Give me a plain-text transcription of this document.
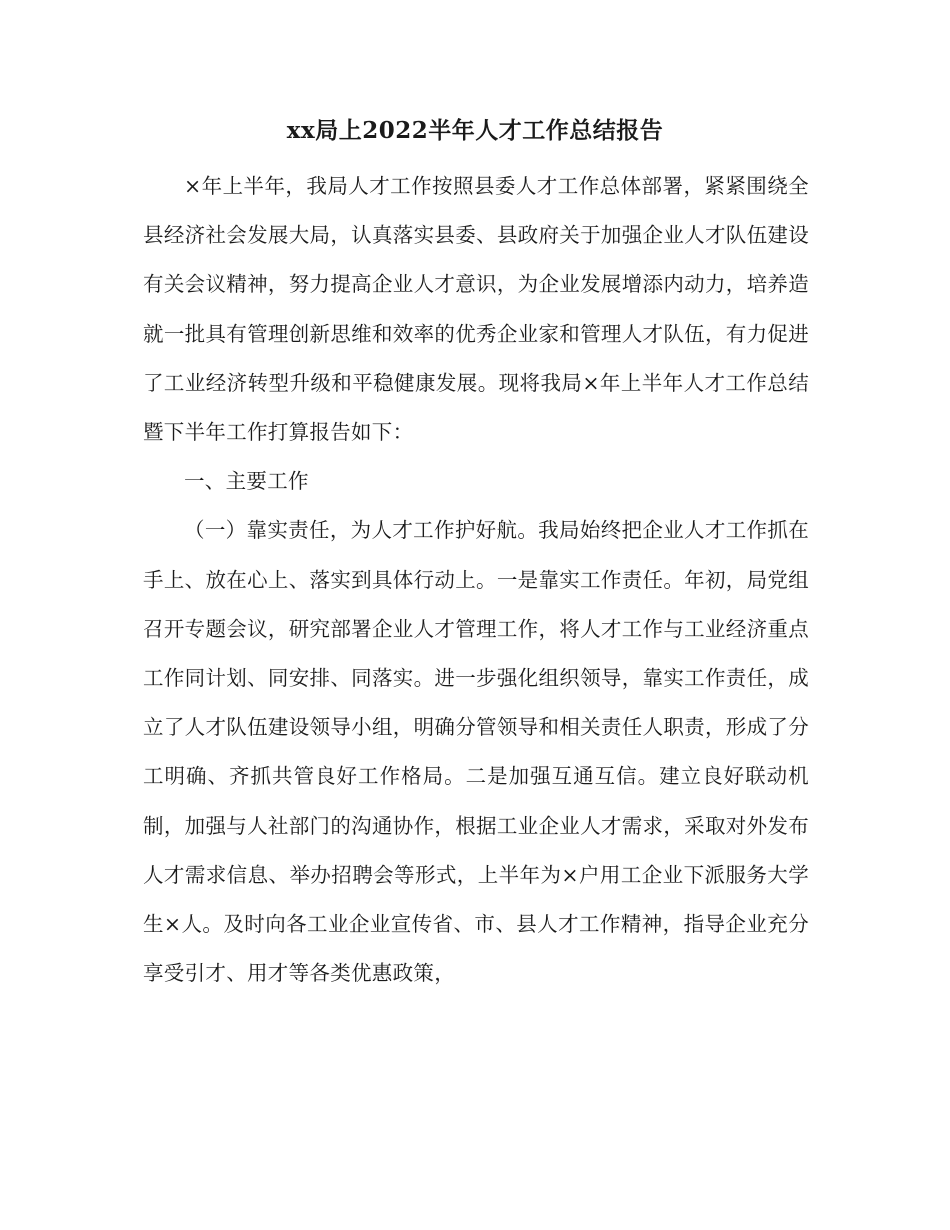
xx局上2022半年人才工作总结报告

×年上半年，我局人才工作按照县委人才工作总体部署，紧紧围绕全县经济社会发展大局，认真落实县委、县政府关于加强企业人才队伍建设有关会议精神，努力提高企业人才意识，为企业发展增添内动力，培养造就一批具有管理创新思维和效率的优秀企业家和管理人才队伍，有力促进了工业经济转型升级和平稳健康发展。现将我局×年上半年人才工作总结暨下半年工作打算报告如下：

一、主要工作

（一）靠实责任，为人才工作护好航。我局始终把企业人才工作抓在手上、放在心上、落实到具体行动上。一是靠实工作责任。年初，局党组召开专题会议，研究部署企业人才管理工作，将人才工作与工业经济重点工作同计划、同安排、同落实。进一步强化组织领导，靠实工作责任，成立了人才队伍建设领导小组，明确分管领导和相关责任人职责，形成了分工明确、齐抓共管良好工作格局。二是加强互通互信。建立良好联动机制，加强与人社部门的沟通协作，根据工业企业人才需求，采取对外发布人才需求信息、举办招聘会等形式，上半年为×户用工企业下派服务大学生×人。及时向各工业企业宣传省、市、县人才工作精神，指导企业充分享受引才、用才等各类优惠政策，
